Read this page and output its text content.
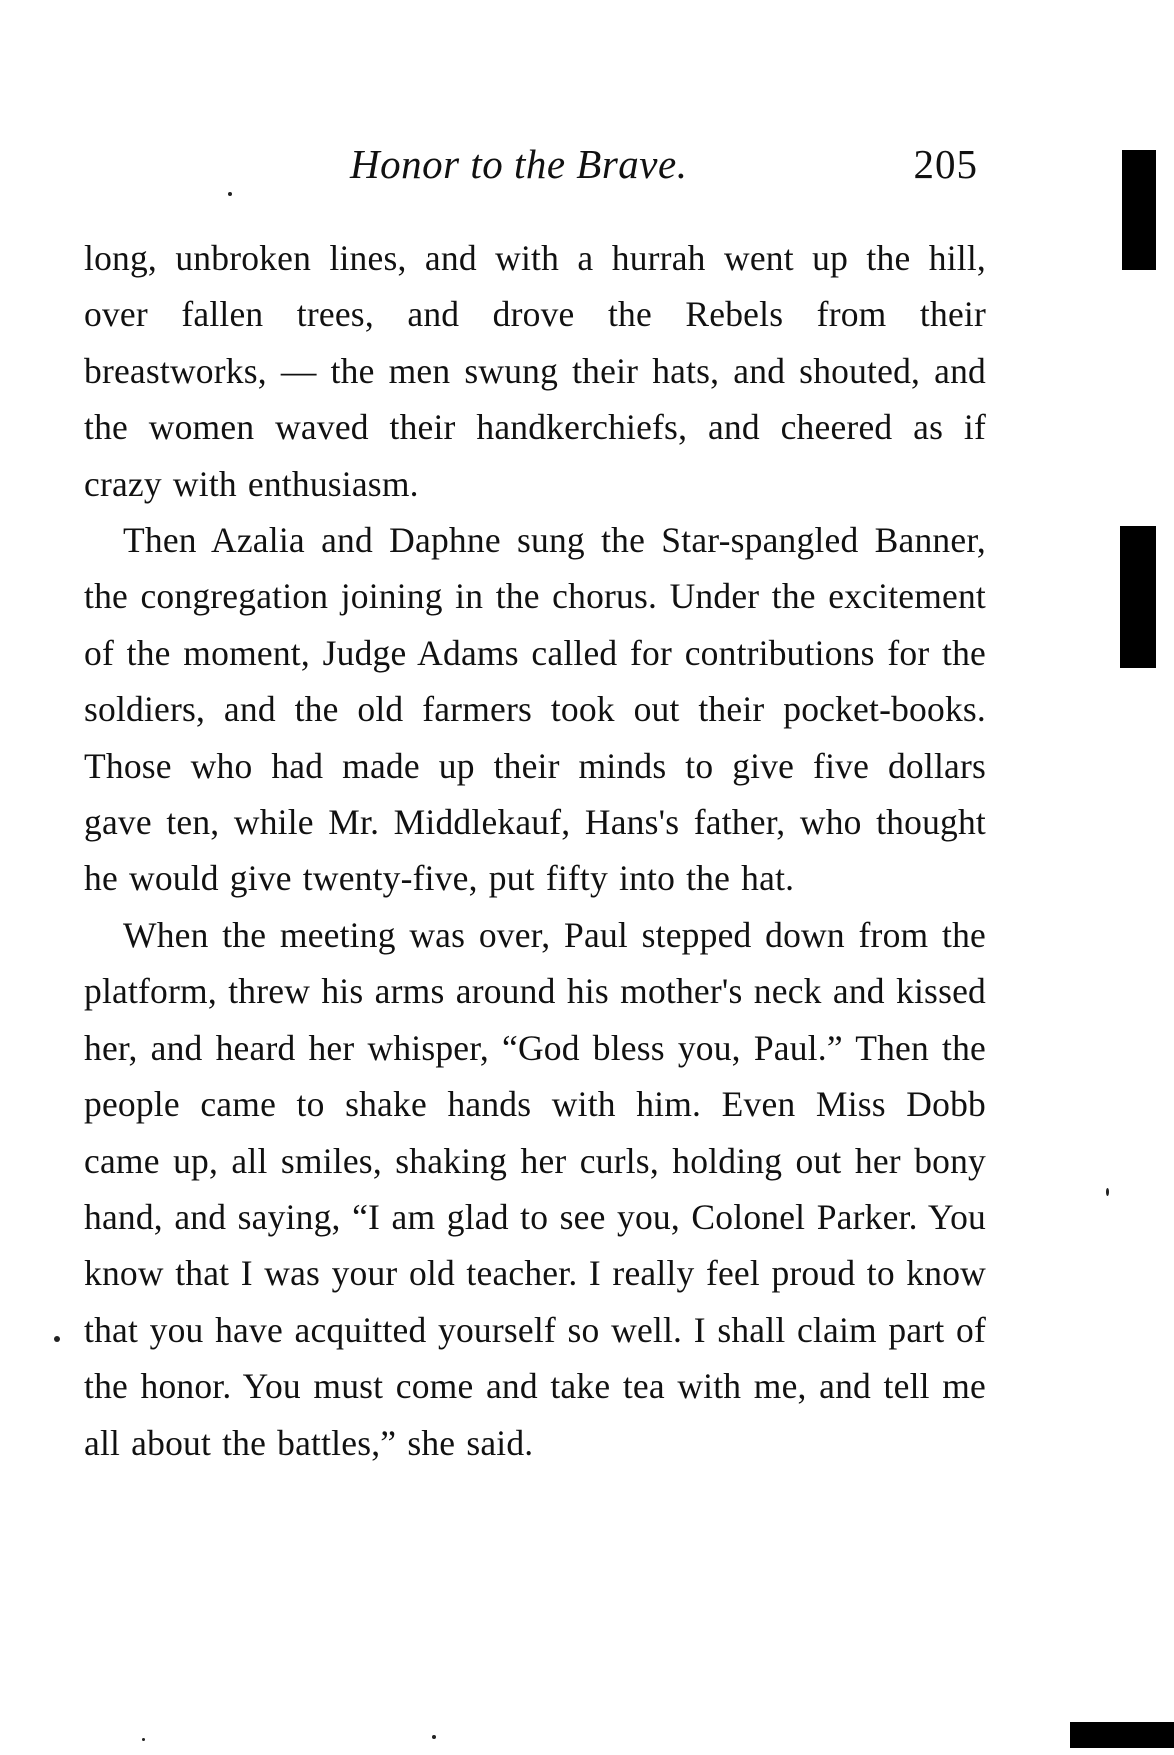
Honor to the Brave.	205

long, unbroken lines, and with a hurrah went up the hill, over fallen trees, and drove the Rebels from their breastworks, — the men swung their hats, and shouted, and the women waved their handkerchiefs, and cheered as if crazy with enthusiasm.

Then Azalia and Daphne sung the Star-spangled Banner, the congregation joining in the chorus. Under the excitement of the moment, Judge Adams called for contributions for the soldiers, and the old farmers took out their pocket-books. Those who had made up their minds to give five dollars gave ten, while Mr. Middlekauf, Hans's father, who thought he would give twenty-five, put fifty into the hat.

When the meeting was over, Paul stepped down from the platform, threw his arms around his mother's neck and kissed her, and heard her whisper, “God bless you, Paul.” Then the people came to shake hands with him. Even Miss Dobb came up, all smiles, shaking her curls, holding out her bony hand, and saying, “I am glad to see you, Colonel Parker. You know that I was your old teacher. I really feel proud to know that you have acquitted yourself so well. I shall claim part of the honor. You must come and take tea with me, and tell me all about the battles,” she said.
